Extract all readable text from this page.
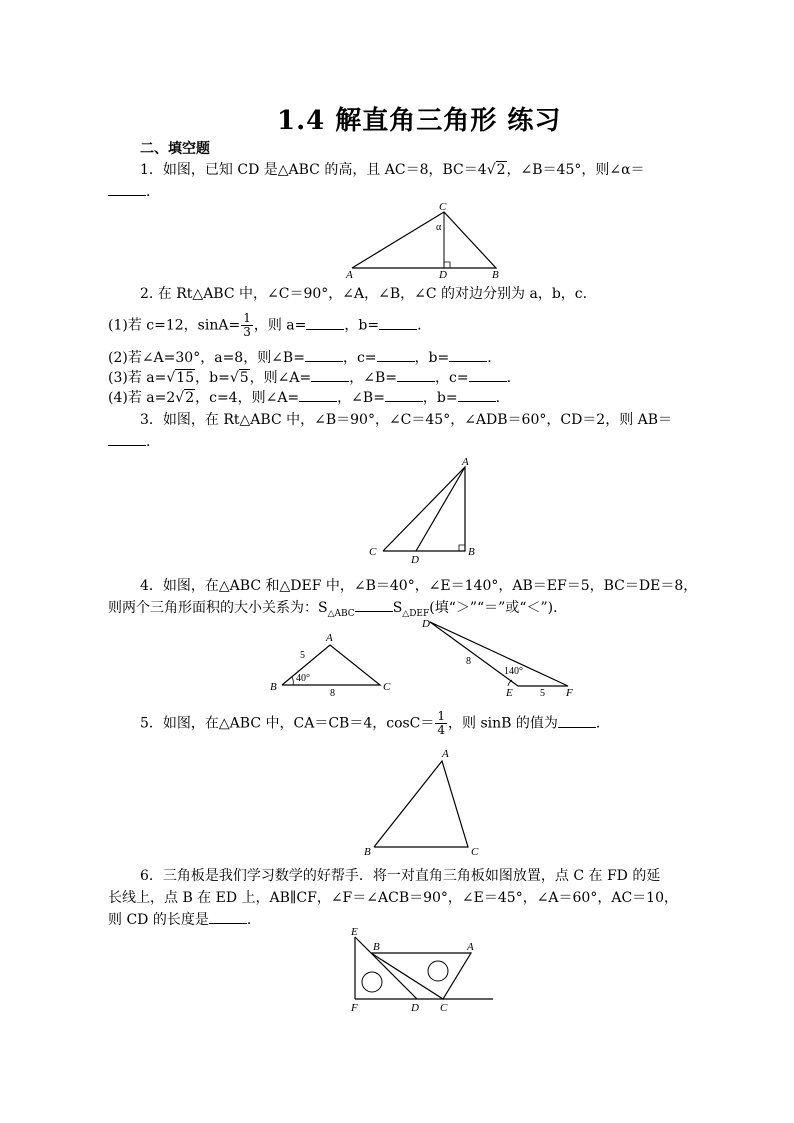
1.4 解直角三角形 练习
二、填空题
1．如图，已知 CD 是△ABC 的高，且 AC＝8，BC＝4√2，∠B＝45°，则∠α＝
．
C
α
A	D	B
2. 在 Rt△ABC 中，∠C＝90°，∠A，∠B，∠C 的对边分别为 a，b，c.
(1)若 c=12，$\sin A= \frac{1}{3}$ ，则 a=	，b=	.
(2)若∠A=30°，a=8，则∠B=	，c=	，b=	.
(3)若 a=√15，b=√5，则∠A=	，∠B=	，c=	.
(4)若 a=2√2，c=4，则∠A=	，∠B=	，b=	.
3．如图，在 Rt△ABC 中，∠B＝90°，∠C＝45°，∠ADB＝60°，CD＝2，则 AB＝
．
A
C
D
B
4．如图，在△ABC 和△DEF 中，∠B＝40°，∠E＝140°，AB＝EF＝5，BC＝DE＝8，
则两个三角形面积的大小关系为：$S_{\triangle ABC}$	$S_{\triangle DEF}$(填“＞”“＝”或“＜”)．
A
B	C
5
40°
8
D
E	F
8
140°
5
5．如图，在△ABC 中，CA＝CB＝4，$\cos C= \frac{1}{4}$ ，则 sinB 的值为	．
A
B	C
6．三角板是我们学习数学的好帮手．将一对直角三角板如图放置，点 C 在 FD 的延
长线上，点 B 在 ED 上，AB∥CF，∠F＝∠ACB＝90°，∠E＝45°，∠A＝60°，AC＝10，
则 CD 的长度是	．
E
B	A
F	D C
